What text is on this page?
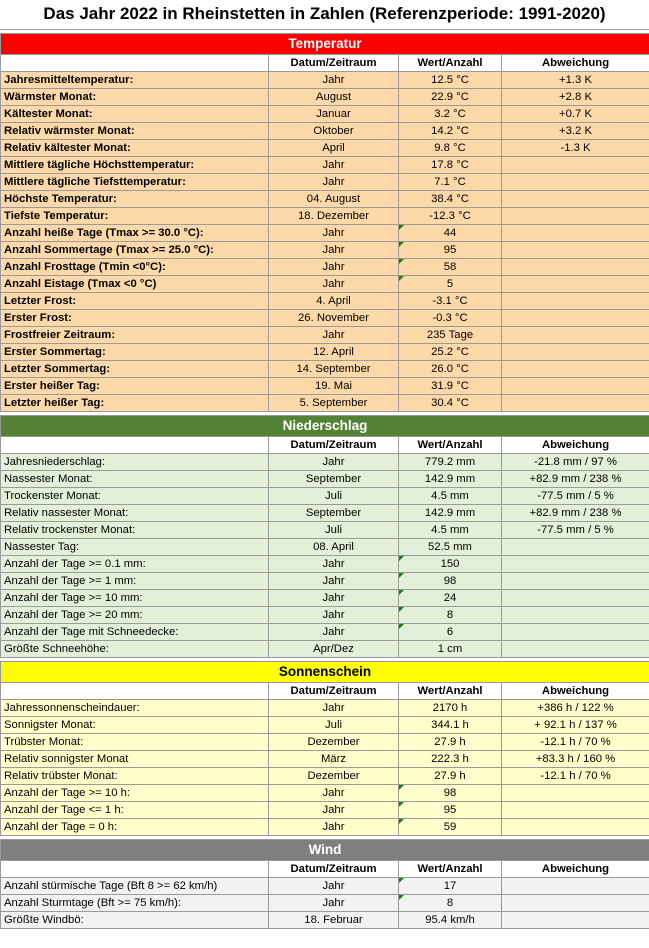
Das Jahr 2022 in Rheinstetten in Zahlen (Referenzperiode: 1991-2020)
Temperatur			
	Datum/Zeitraum	Wert/Anzahl	Abweichung
Jahresmitteltemperatur:	Jahr	12.5 °C	+1.3 K
Wärmster Monat:	August	22.9 °C	+2.8 K
Kältester Monat:	Januar	3.2 °C	+0.7 K
Relativ wärmster Monat:	Oktober	14.2 °C	+3.2 K
Relativ kältester Monat:	April	9.8 °C	-1.3 K
Mittlere tägliche Höchsttemperatur:	Jahr	17.8 °C	
Mittlere tägliche Tiefsttemperatur:	Jahr	7.1 °C	
Höchste Temperatur:	04. August	38.4 °C	
Tiefste Temperatur:	18. Dezember	-12.3 °C	
Anzahl heiße Tage (Tmax >= 30.0 °C):	Jahr	44	
Anzahl Sommertage (Tmax >= 25.0 °C):	Jahr	95	
Anzahl Frosttage (Tmin <0°C):	Jahr	58	
Anzahl Eistage (Tmax <0 °C)	Jahr	5	
Letzter Frost:	4. April	-3.1 °C	
Erster Frost:	26. November	-0.3 °C	
Frostfreier Zeitraum:	Jahr	235 Tage	
Erster Sommertag:	12. April	25.2 °C	
Letzter Sommertag:	14. September	26.0 °C	
Erster heißer Tag:	19. Mai	31.9 °C	
Letzter heißer Tag:	5. September	30.4 °C	
Niederschlag			
	Datum/Zeitraum	Wert/Anzahl	Abweichung
Jahresniederschlag:	Jahr	779.2 mm	-21.8 mm / 97 %
Nassester Monat:	September	142.9 mm	+82.9 mm / 238 %
Trockenster Monat:	Juli	4.5 mm	-77.5 mm / 5 %
Relativ nassester Monat:	September	142.9 mm	+82.9 mm / 238 %
Relativ trockenster Monat:	Juli	4.5 mm	-77.5 mm / 5 %
Nassester Tag:	08. April	52.5 mm	
Anzahl der Tage >= 0.1 mm:	Jahr	150	
Anzahl der Tage >= 1 mm:	Jahr	98	
Anzahl der Tage >= 10 mm:	Jahr	24	
Anzahl der Tage >= 20 mm:	Jahr	8	
Anzahl der Tage mit Schneedecke:	Jahr	6	
Größte Schneehöhe:	Apr/Dez	1 cm	
Sonnenschein			
	Datum/Zeitraum	Wert/Anzahl	Abweichung
Jahressonnenscheindauer:	Jahr	2170 h	+386 h / 122 %
Sonnigster Monat:	Juli	344.1 h	+ 92.1 h / 137 %
Trübster Monat:	Dezember	27.9 h	-12.1 h / 70 %
Relativ sonnigster Monat	März	222.3 h	+83.3 h / 160 %
Relativ trübster Monat:	Dezember	27.9 h	-12.1 h / 70 %
Anzahl der Tage >= 10 h:	Jahr	98	
Anzahl der Tage <= 1 h:	Jahr	95	
Anzahl der Tage = 0 h:	Jahr	59	
Wind			
	Datum/Zeitraum	Wert/Anzahl	Abweichung
Anzahl stürmische Tage (Bft 8 >= 62 km/h)	Jahr	17	
Anzahl Sturmtage (Bft >= 75 km/h):	Jahr	8	
Größte Windbö:	18. Februar	95.4 km/h	
